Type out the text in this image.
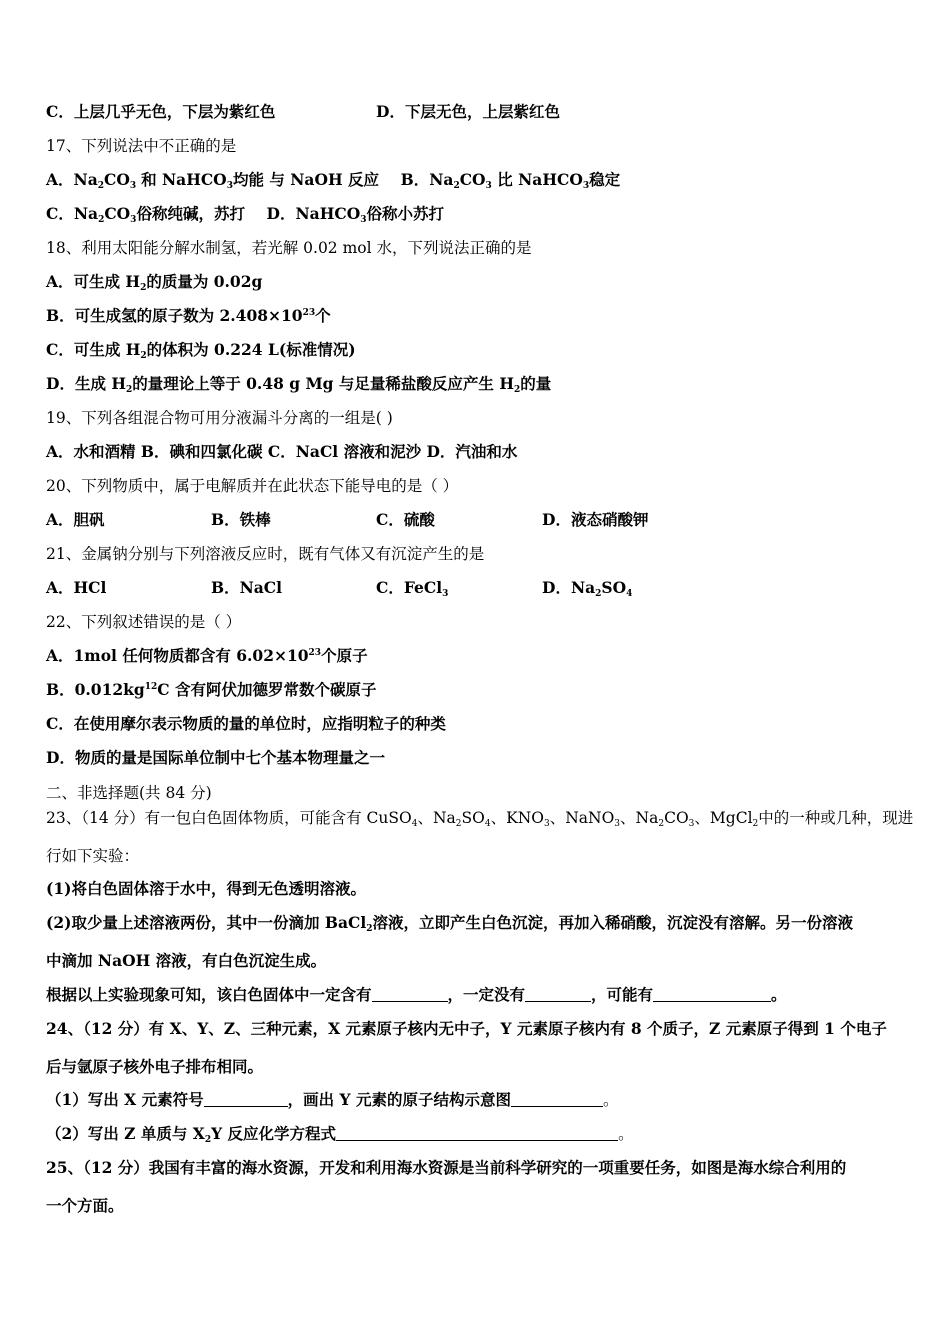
C．上层几乎无色，下层为紫红色	D．下层无色，上层紫红色
17、下列说法中不正确的是
A．$Na_2CO_3$ 和 NaHCO$_3$均能 与 NaOH 反应 B．$Na_2CO_3$ 比 NaHCO$_3$稳定
C．$Na_2CO_3$俗称纯碱，苏打 D．NaHCO$_3$俗称小苏打
18、利用太阳能分解水制氢，若光解 0.02 mol 水，下列说法正确的是
A．可生成 $H_2$的质量为 0.02g
B．可生成氢的原子数为 $2.408\times 10^{23}$个
C．可生成 $H_2$的体积为 0.224 L(标准情况)
D．生成 $H_2$的量理论上等于 0.48 g Mg 与足量稀盐酸反应产生 $H_2$的量
19、下列各组混合物可用分液漏斗分离的一组是( )
A．水和酒精 B．碘和四氯化碳 C．NaCl 溶液和泥沙 D．汽油和水
20、下列物质中，属于电解质并在此状态下能导电的是（ ）
A．胆矾	B．铁棒	C．硫酸	D．液态硝酸钾
21、金属钠分别与下列溶液反应时，既有气体又有沉淀产生的是
A．HCl	B．NaCl	C．FeCl$_3$	D．$Na_2SO_4$
22、下列叙述错误的是（ ）
A．1mol 任何物质都含有 $6.02\times 10^{23}$个原子
B．$0.012kg^{12}C$ 含有阿伏加德罗常数个碳原子
C．在使用摩尔表示物质的量的单位时，应指明粒子的种类
D．物质的量是国际单位制中七个基本物理量之一
二、非选择题(共 84 分)
23、（14 分）有一包白色固体物质，可能含有 CuSO$_4$、$Na_2SO_4$、$KNO_3$、NaNO$_3$、$Na_2CO_3$、MgCl$_2$中的一种或几种，现进
行如下实验：
(1)将白色固体溶于水中，得到无色透明溶液。
(2)取少量上述溶液两份，其中一份滴加 BaCl$_2$溶液，立即产生白色沉淀，再加入稀硝酸，沉淀没有溶解。另一份溶液
中滴加 NaOH 溶液，有白色沉淀生成。
根据以上实验现象可知，该白色固体中一定含有	，一定没有	，可能有	。
24、（12 分）有 X、Y、Z、三种元素，X 元素原子核内无中子，Y 元素原子核内有 8 个质子，Z 元素原子得到 1 个电子
后与氩原子核外电子排布相同。
（1）写出 X 元素符号	，画出 Y 元素的原子结构示意图	。
（2）写出 Z 单质与 $X_2Y$ 反应化学方程式	。
25、（12 分）我国有丰富的海水资源，开发和利用海水资源是当前科学研究的一项重要任务，如图是海水综合利用的
一个方面。
